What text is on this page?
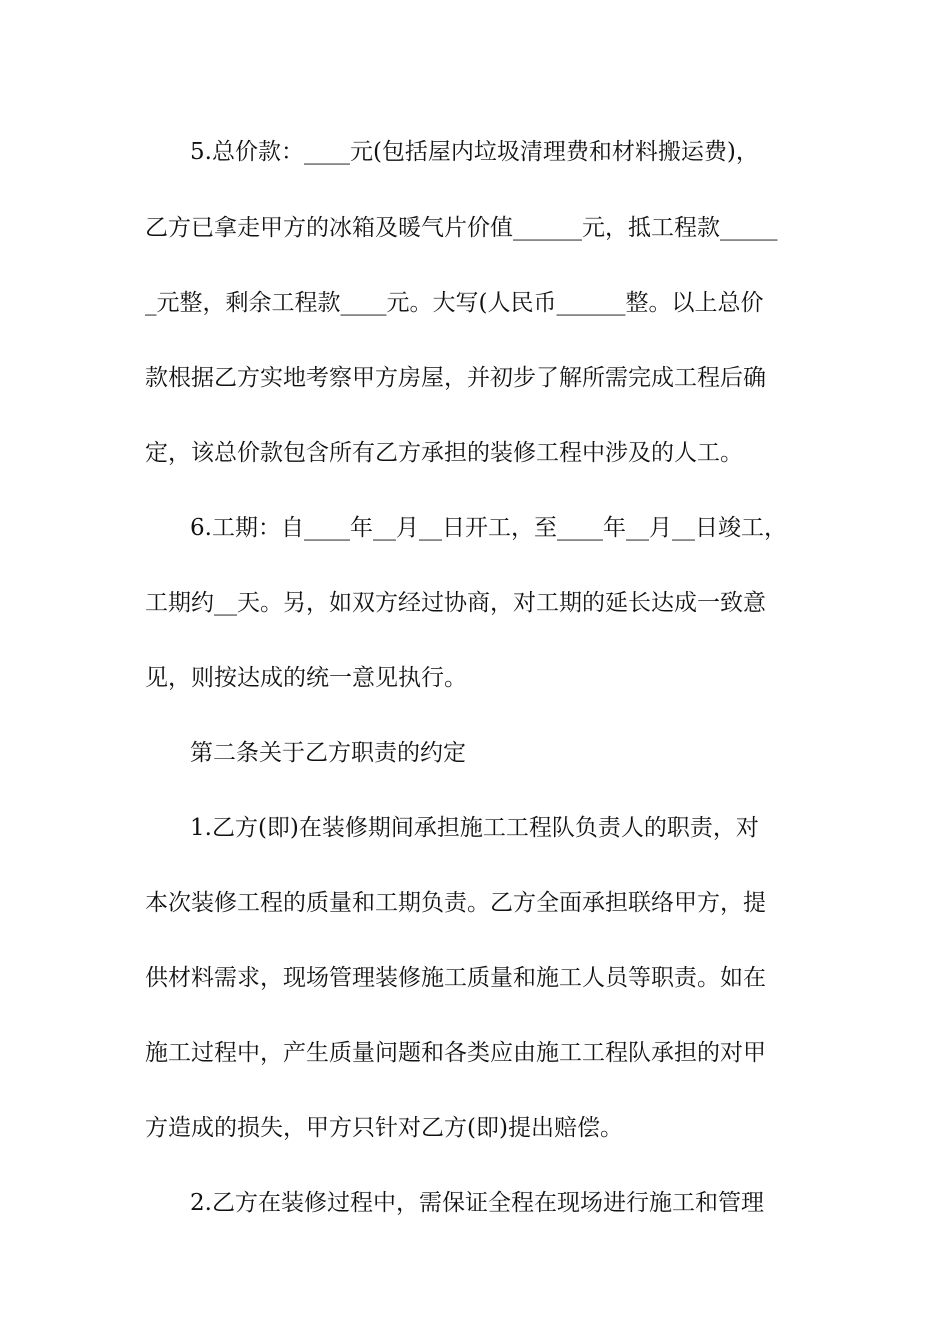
5.总价款：____元(包括屋内垃圾清理费和材料搬运费)，
乙方已拿走甲方的冰箱及暖气片价值______元，抵工程款_____
_元整，剩余工程款____元。大写(人民币______整。以上总价
款根据乙方实地考察甲方房屋，并初步了解所需完成工程后确
定，该总价款包含所有乙方承担的装修工程中涉及的人工。
6.工期：自____年__月__日开工，至____年__月__日竣工，
工期约__天。另，如双方经过协商，对工期的延长达成一致意
见，则按达成的统一意见执行。
第二条关于乙方职责的约定
1.乙方(即)在装修期间承担施工工程队负责人的职责，对
本次装修工程的质量和工期负责。乙方全面承担联络甲方，提
供材料需求，现场管理装修施工质量和施工人员等职责。如在
施工过程中，产生质量问题和各类应由施工工程队承担的对甲
方造成的损失，甲方只针对乙方(即)提出赔偿。
2.乙方在装修过程中，需保证全程在现场进行施工和管理
